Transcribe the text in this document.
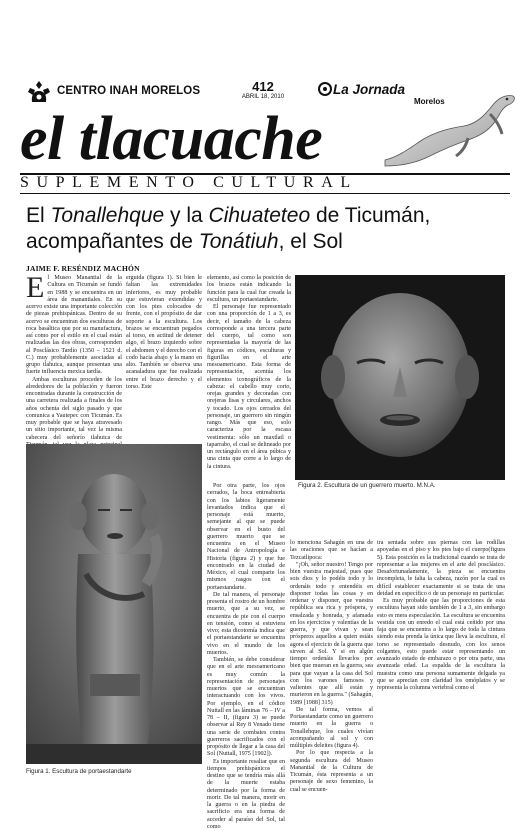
CENTRO INAH MORELOS	412
ABRIL 18, 2010	La Jornada
Morelos
el tlacuache
SUPLEMENTO CULTURAL
El Tonallehque y la Cihuateteo de Ticumán, acompañantes de Tonátiuh, el Sol
JAIME F. RESÉNDIZ MACHÓN
E l Museo Manantial de la Cultura en Ticumán se fundó en 1988 y se encuentra en un área de manantiales. En su acervo existe una importante colección de piezas prehispánicas. Dentro de su acervo se encuentran dos esculturas de roca basáltica que por su manufactura, así como por el estilo en el cual están realizadas las dos obras, corresponden al Posclásico Tardío (1350 – 1521 d. C.) muy probablemente asociadas al grupo tlahuica, aunque presentan una fuerte influencia mexica tardía.

Ambas esculturas proceden de los alrededores de la población y fueron encontradas durante la construcción de una carretera realizada a finales de los años ochenta del siglo pasado y que comunica a Yautepec con Ticumán. Es muy probable que se haya atravesado un sitio importante, tal vez la misma cabecera del señorío tlahuica de

erguida (figura 1). Si bien le faltan las extremidades inferiores, es muy probable que estuvieran extendidas y con los pies colocados de frente, con el propósito de dar soporte a la escultura. Los brazos se encuentran pegados al torso, en actitud de detener algo, el brazo izquierdo sobre el abdomen y el derecho con el codo hacia abajo y la mano en alto. También se observa una acanaladura que fue realizada entre el brazo derecho y el torso. Este

elemento, así como la posición de los brazos están indicando la función para la cual fue creada la escultura, un portaestandarte.

El personaje fue representado con una proporción de 1 a 3, es decir, el tamaño de la cabeza corresponde a una tercera parte del cuerpo, tal como son representadas la mayoría de las figuras en códices, esculturas y figurillas en el arte mesoamericano. Esta forma de representación, acentúa los elementos iconográficos de la cabeza: el cabello muy corto, orejas grandes y decoradas con orejeras lisas y circulares, anchos y tocado. Los ojos cerrados del personaje, un guerrero sin ningún rango. Más que eso, solo caracteriza por la escasa vestimenta: sólo un maxtlatl o taparrabo, el cual se delineado por un rectángulo en el área púbica y una cinta que corre a lo largo de la cintura.

Por otra parte, los ojos cerrados, la boca entreabierta con los labios ligeramente levantados indica que el personaje está muerto, semejante al que se puede observar en el busto del guerrero muerto que se encuentra en el Museo Nacional de Antropología e Historia (figura 2) y que fue encontrado en la ciudad de México, el cual comparte los mismos rasgos con el portaestandarte.

De tal manera, el personaje presenta el rostro de un hombre muerto, que a su vez, se encuentra de pie con el cuerpo en tensión, como si estuviera vivo; esta dicotomía indica que el portaestandarte se encuentra vivo en el mundo de los muertos.

También, se debe considerar que en el arte mesoamericano es muy común la representación de personajes muertos que se encuentran interactuando con los vivos. Por ejemplo, en el códice Nuttall en las láminas 76 – IV a 78 – II, (figura 3) se puede observar al Rey 8 Venado tiene una serie de combates contra guerreros sacrificados con el propósito de llegar a la casa del Sol (Nuttall, 1975 [1902]).

Es importante resaltar que en tiempos prehispánicos el destino que se tendría más allá de la muerte estaba determinado por la forma de morir. De tal manera, morir en la guerra o en la piedra de sacrificio era una forma de acceder al paraíso del Sol, tal como

lo menciona Sahagún en una de las oraciones que se hacían a Tezcatlipoca:

"¡Oh, señor nuestro! Tengo por bien vuestra majestad, pues que sois dios y lo podéis todo y lo ordenáis todo y entendéis en disponer todas las cosas y en ordenar y disponer, que vuestra república sea rica y próspera, y ensalzada y honrada, y afamada en los ejercicios y valentías de la guerra, y que vivan y sean prósperos aquellos a quien estáis agora el ejercicio de la guerra que sirven al Sol. Y si en algún tiempo ordenáis llevarlos por bien que mueran en la guerra, sea para que vayan a la casa del Sol con los varones famosos y valientes que allí están y murieron en la guerra." (Sahagún, 1989 [1988] 315)

De tal forma, vemos al Portaestandarte como un guerrero muerto en la guerra o Tonallehque, los cuales vivían acompañando al sol y con múltiples deleites (figura 4).

Por lo que respecta a la segunda escultura del Museo Manantial de la Cultura de Ticumán, ésta representa a un personaje de sexo femenino, la cual se encuen-

tra sentada sobre sus piernas con las rodillas apoyadas en el piso y los pies bajo el cuerpo(figura 5). Esta posición es la tradicional cuando se trata de representar a las mujeres en el arte del posclásico. Desafortunadamente, la pieza se encuentra incompleta, le falta la cabeza, razón por la cual es difícil establecer exactamente si se trata de una deidad en específico o de un personaje en particular.

Es muy probable que las proporciones de esta escultura hayan sido también de 1 a 3, sin embargo esto es mera especulación. La escultura se encuentra vestida con un enredo el cual está ceñido por una faja que se encuentra a lo largo de toda la cintura siendo esta prenda la única que lleva la escultura, el torso se representado desnudo, con los senos colgantes, esto puede estar representando un avanzado estado de embarazo o por otra parte, una avanzada edad. La espalda de la escultura la muestra como una persona sumamente delgada ya que se aprecian con claridad los omóplatos y se representa la columna vertebral como el

Figura 1. Escultura de portaestandarte
Figura 2. Escultura de un guerrero muerto. M.N.A.
